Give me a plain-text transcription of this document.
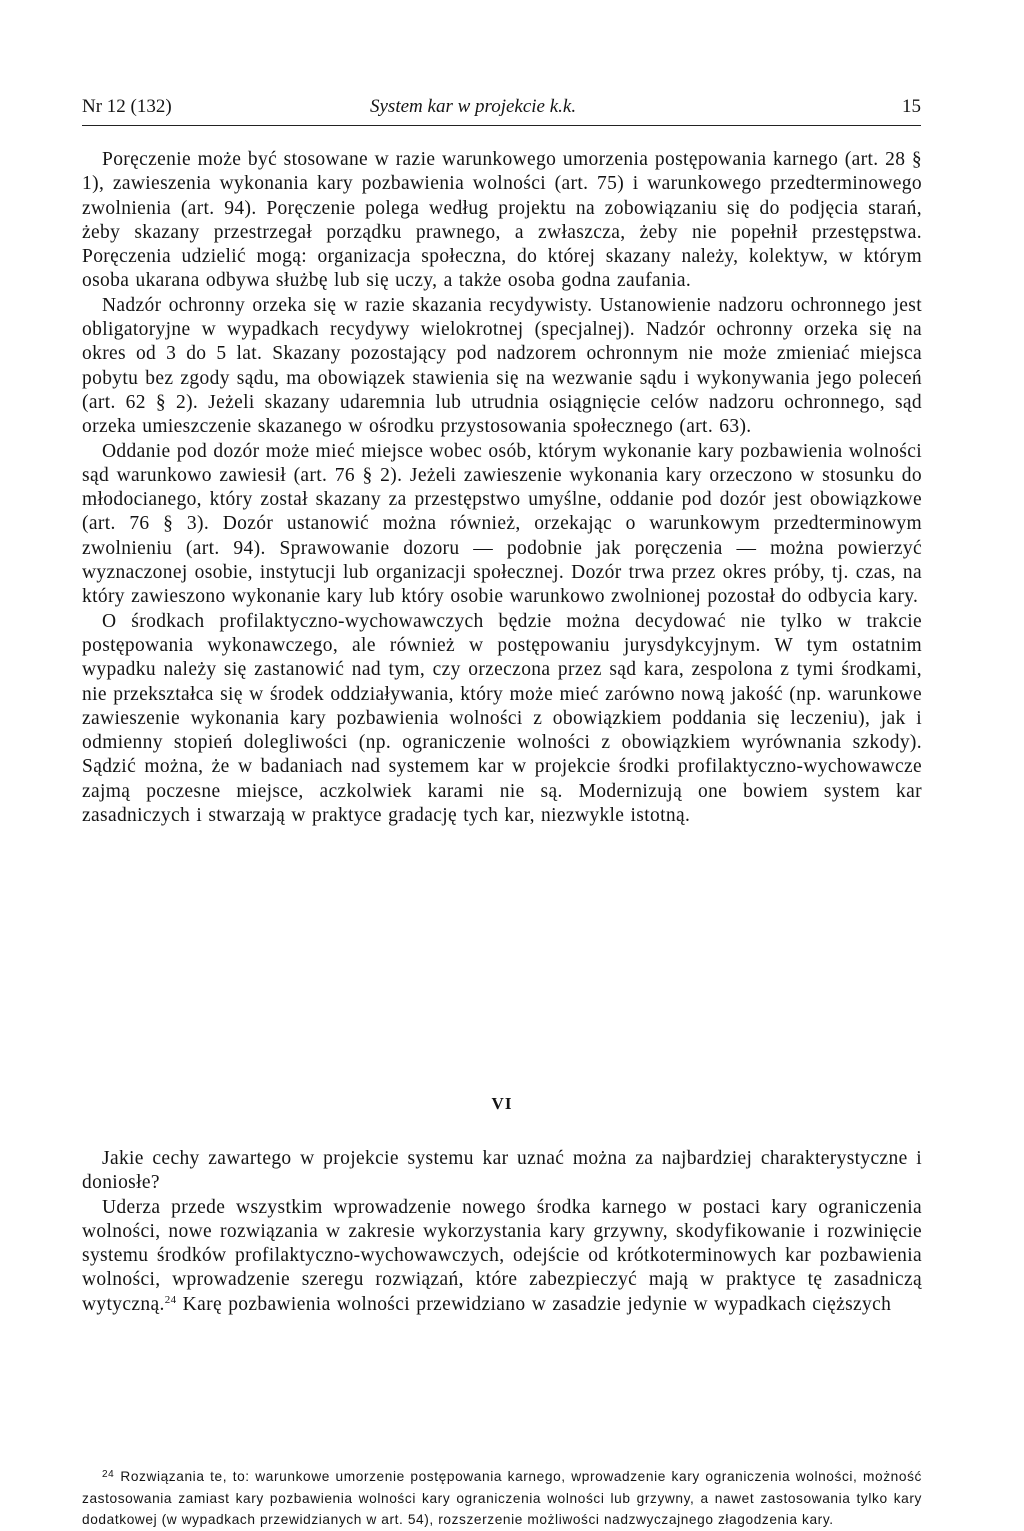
Nr 12 (132)	System kar w projekcie k.k.	15

Poręczenie może być stosowane w razie warunkowego umorzenia postępowania karnego (art. 28 § 1), zawieszenia wykonania kary pozbawienia wolności (art. 75) i warunkowego przedterminowego zwolnienia (art. 94). Poręczenie polega według projektu na zobowiązaniu się do podjęcia starań, żeby skazany przestrzegał porządku prawnego, a zwłaszcza, żeby nie popełnił przestępstwa. Poręczenia udzielić mogą: organizacja społeczna, do której skazany należy, kolektyw, w którym osoba ukarana odbywa służbę lub się uczy, a także osoba godna zaufania.

Nadzór ochronny orzeka się w razie skazania recydywisty. Ustanowienie nadzoru ochronnego jest obligatoryjne w wypadkach recydywy wielokrotnej (specjalnej). Nadzór ochronny orzeka się na okres od 3 do 5 lat. Skazany pozostający pod nadzorem ochronnym nie może zmieniać miejsca pobytu bez zgody sądu, ma obowiązek stawienia się na wezwanie sądu i wykonywania jego poleceń (art. 62 § 2). Jeżeli skazany udaremnia lub utrudnia osiągnięcie celów nadzoru ochronnego, sąd orzeka umieszczenie skazanego w ośrodku przystosowania społecznego (art. 63).

Oddanie pod dozór może mieć miejsce wobec osób, którym wykonanie kary pozbawienia wolności sąd warunkowo zawiesił (art. 76 § 2). Jeżeli zawieszenie wykonania kary orzeczono w stosunku do młodocianego, który został skazany za przestępstwo umyślne, oddanie pod dozór jest obowiązkowe (art. 76 § 3). Dozór ustanowić można również, orzekając o warunkowym przedterminowym zwolnieniu (art. 94). Sprawowanie dozoru — podobnie jak poręczenia — można powierzyć wyznaczonej osobie, instytucji lub organizacji społecznej. Dozór trwa przez okres próby, tj. czas, na który zawieszono wykonanie kary lub który osobie warunkowo zwolnionej pozostał do odbycia kary.

O środkach profilaktyczno-wychowawczych będzie można decydować nie tylko w trakcie postępowania wykonawczego, ale również w postępowaniu jurysdykcyjnym. W tym ostatnim wypadku należy się zastanowić nad tym, czy orzeczona przez sąd kara, zespolona z tymi środkami, nie przekształca się w środek oddziaływania, który może mieć zarówno nową jakość (np. warunkowe zawieszenie wykonania kary pozbawienia wolności z obowiązkiem poddania się leczeniu), jak i odmienny stopień dolegliwości (np. ograniczenie wolności z obowiązkiem wyrównania szkody). Sądzić można, że w badaniach nad systemem kar w projekcie środki profilaktyczno-wychowawcze zajmą poczesne miejsce, aczkolwiek karami nie są. Modernizują one bowiem system kar zasadniczych i stwarzają w praktyce gradację tych kar, niezwykle istotną.

VI

Jakie cechy zawartego w projekcie systemu kar uznać można za najbardziej charakterystyczne i doniosłe?

Uderza przede wszystkim wprowadzenie nowego środka karnego w postaci kary ograniczenia wolności, nowe rozwiązania w zakresie wykorzystania kary grzywny, skodyfikowanie i rozwinięcie systemu środków profilaktyczno-wychowawczych, odejście od krótkoterminowych kar pozbawienia wolności, wprowadzenie szeregu rozwiązań, które zabezpieczyć mają w praktyce tę zasadniczą wytyczną.$^{24}$ Karę pozbawienia wolności przewidziano w zasadzie jedynie w wypadkach cięższych

$^{24}$ Rozwiązania te, to: warunkowe umorzenie postępowania karnego, wprowadzenie kary ograniczenia wolności, możność zastosowania zamiast kary pozbawienia wolności kary ograniczenia wolności lub grzywny, a nawet zastosowania tylko kary dodatkowej (w wypadkach przewidzianych w art. 54), rozszerzenie możliwości nadzwyczajnego złagodzenia kary.
